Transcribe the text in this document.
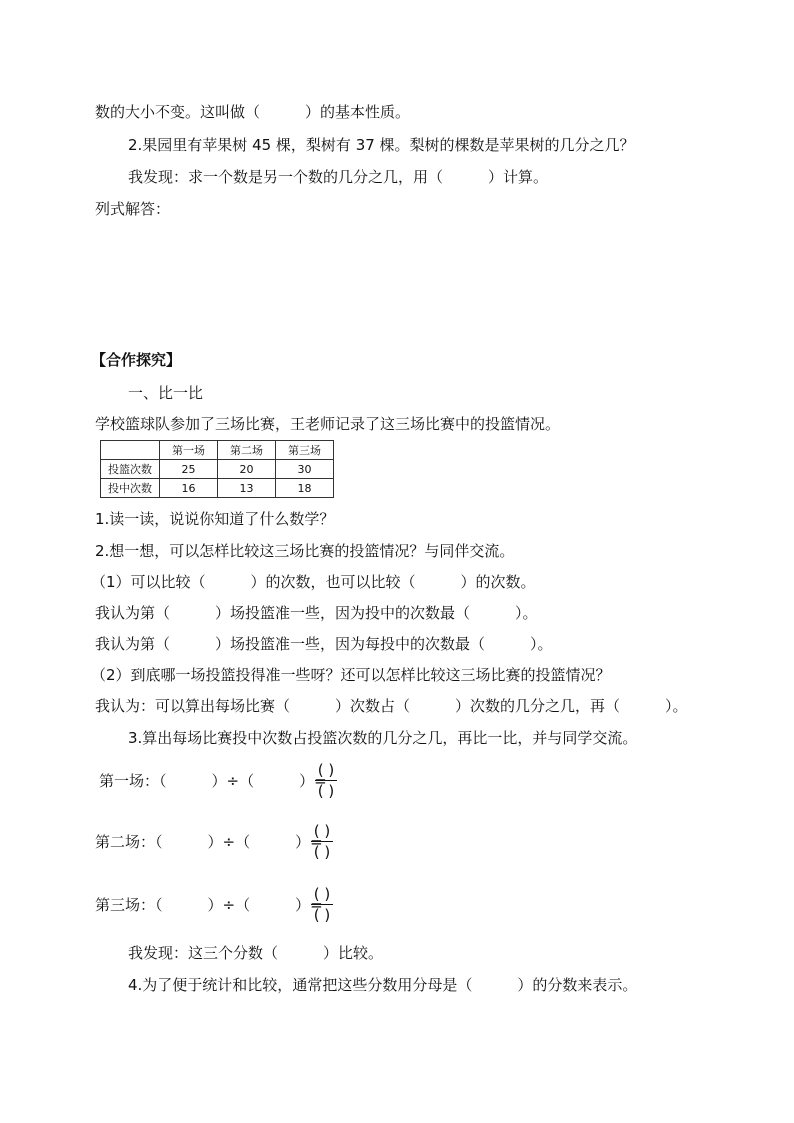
数的大小不变。这叫做（　　　）的基本性质。
2.果园里有苹果树 45 棵，梨树有 37 棵。梨树的棵数是苹果树的几分之几？
我发现：求一个数是另一个数的几分之几，用（　　　）计算。
列式解答：
【合作探究】
一、比一比
学校篮球队参加了三场比赛，王老师记录了这三场比赛中的投篮情况。
	第一场	第二场	第三场
投篮次数	25	20	30
投中次数	16	13	18
1.读一读，说说你知道了什么数学？
2.想一想，可以怎样比较这三场比赛的投篮情况？与同伴交流。
（1）可以比较（　　　）的次数，也可以比较（　　　）的次数。
我认为第（　　　）场投篮准一些，因为投中的次数最（　　　）。
我认为第（　　　）场投篮准一些，因为每投中的次数最（　　　）。
（2）到底哪一场投篮投得准一些呀？还可以怎样比较这三场比赛的投篮情况？
我认为：可以算出每场比赛（　　　）次数占（　　　）次数的几分之几，再（　　　）。
3.算出每场比赛投中次数占投篮次数的几分之几，再比一比，并与同学交流。
第一场：（　　　）÷（　　　）=
( )
( )
第二场：（　　　）÷（　　　）=
( )
( )
第三场：（　　　）÷（　　　）=
( )
( )
我发现：这三个分数（　　　）比较。
4.为了便于统计和比较，通常把这些分数用分母是（　　　）的分数来表示。
